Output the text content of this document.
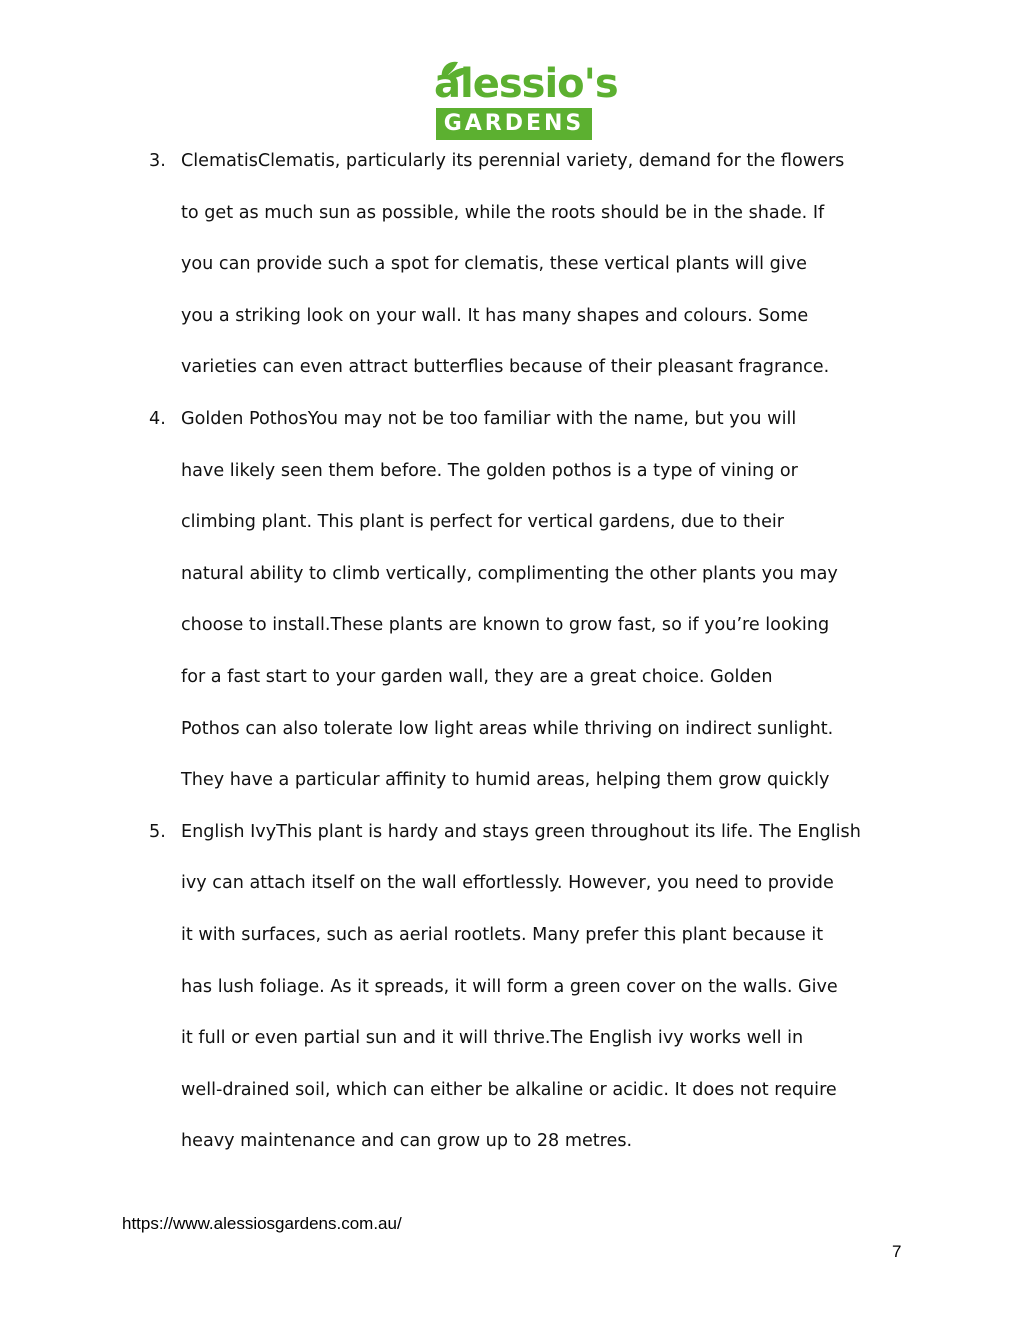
alessio's
GARDENS
3. ClematisClematis, particularly its perennial variety, demand for the flowers
to get as much sun as possible, while the roots should be in the shade. If
you can provide such a spot for clematis, these vertical plants will give
you a striking look on your wall. It has many shapes and colours. Some
varieties can even attract butterflies because of their pleasant fragrance.
4. Golden PothosYou may not be too familiar with the name, but you will
have likely seen them before. The golden pothos is a type of vining or
climbing plant. This plant is perfect for vertical gardens, due to their
natural ability to climb vertically, complimenting the other plants you may
choose to install.These plants are known to grow fast, so if you’re looking
for a fast start to your garden wall, they are a great choice. Golden
Pothos can also tolerate low light areas while thriving on indirect sunlight.
They have a particular affinity to humid areas, helping them grow quickly
5. English IvyThis plant is hardy and stays green throughout its life. The English
ivy can attach itself on the wall effortlessly. However, you need to provide
it with surfaces, such as aerial rootlets. Many prefer this plant because it
has lush foliage. As it spreads, it will form a green cover on the walls. Give
it full or even partial sun and it will thrive.The English ivy works well in
well-drained soil, which can either be alkaline or acidic. It does not require
heavy maintenance and can grow up to 28 metres.
https://www.alessiosgardens.com.au/
7
